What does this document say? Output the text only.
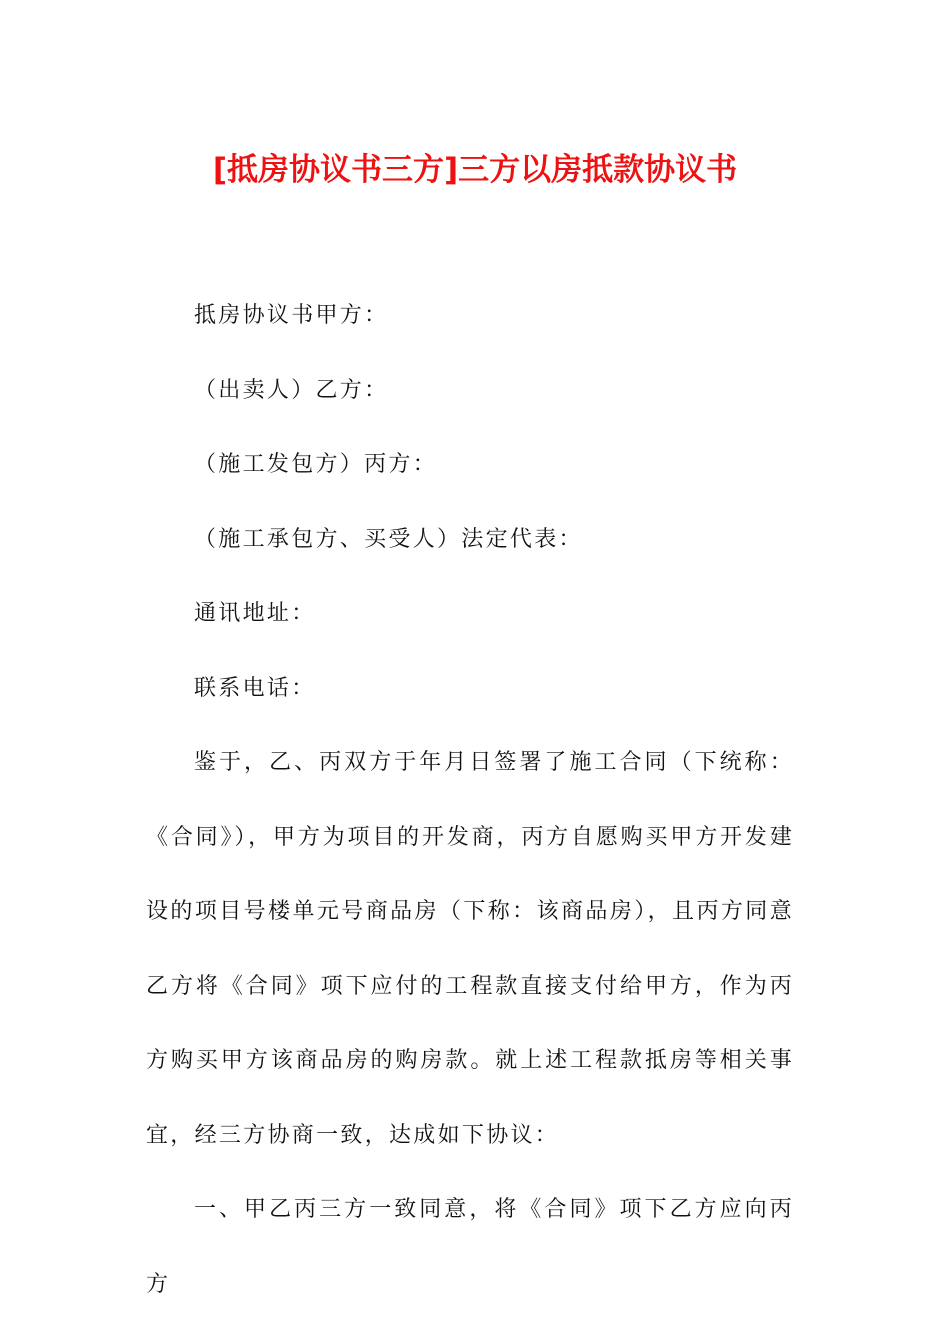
[抵房协议书三方]三方以房抵款协议书

抵房协议书甲方：

（出卖人）乙方：

（施工发包方）丙方：

（施工承包方、买受人）法定代表：

通讯地址：

联系电话：

鉴于，乙、丙双方于年月日签署了施工合同（下统称：《合同》），甲方为项目的开发商，丙方自愿购买甲方开发建设的项目号楼单元号商品房（下称：该商品房），且丙方同意乙方将《合同》项下应付的工程款直接支付给甲方，作为丙方购买甲方该商品房的购房款。就上述工程款抵房等相关事宜，经三方协商一致，达成如下协议：

一、甲乙丙三方一致同意，将《合同》项下乙方应向丙方
